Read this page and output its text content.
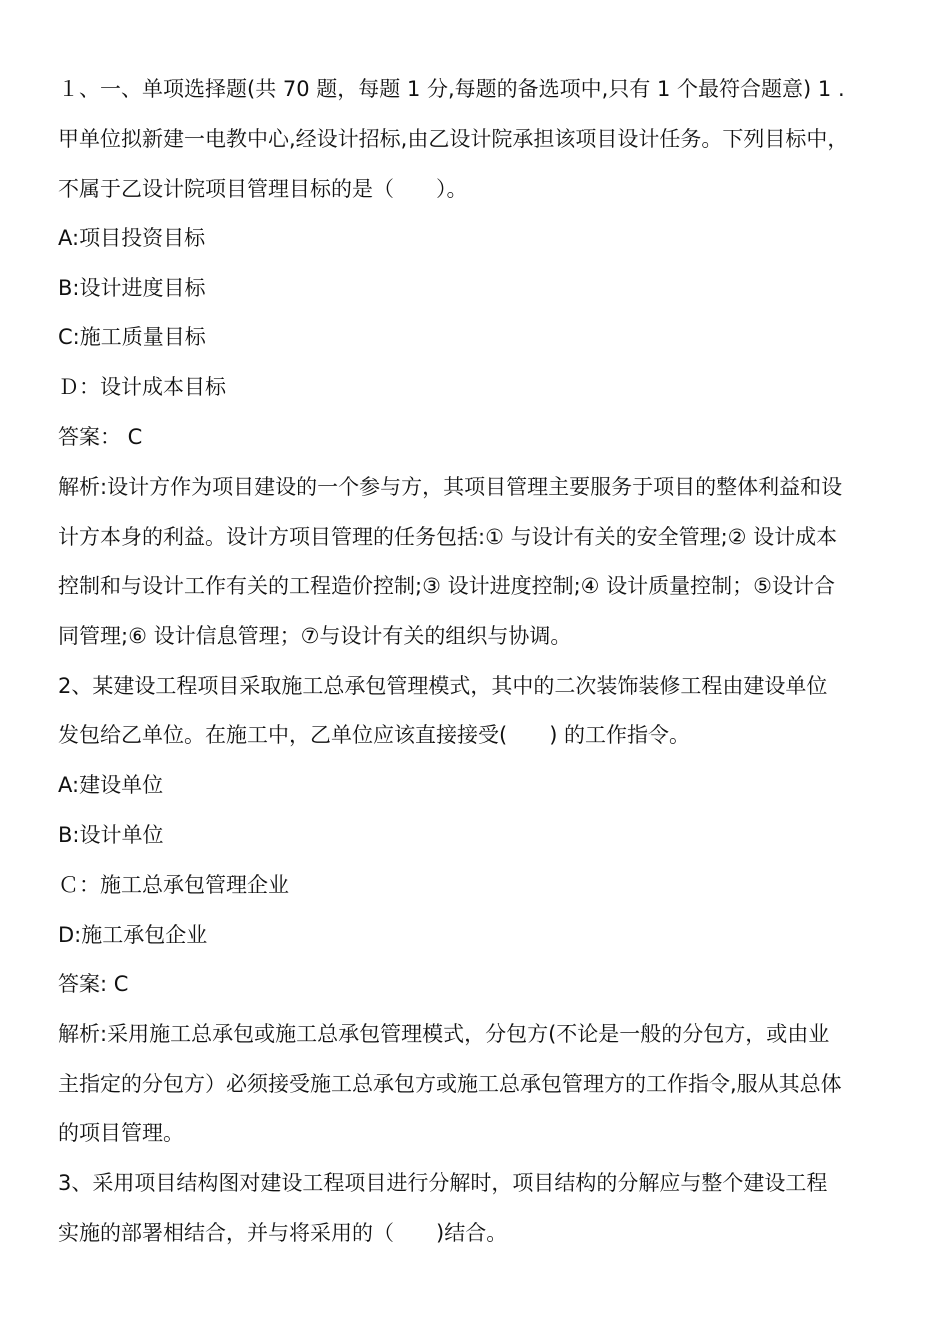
１、一、单项选择题(共 70 题，每题 1 分,每题的备选项中,只有 1 个最符合题意) 1 .
甲单位拟新建一电教中心,经设计招标,由乙设计院承担该项目设计任务。下列目标中，
不属于乙设计院项目管理目标的是（　　）。
A:项目投资目标
B:设计进度目标
C:施工质量目标
Ｄ：设计成本目标
答案： C
解析:设计方作为项目建设的一个参与方，其项目管理主要服务于项目的整体利益和设
计方本身的利益。设计方项目管理的任务包括:① 与设计有关的安全管理;② 设计成本
控制和与设计工作有关的工程造价控制;③ 设计进度控制;④ 设计质量控制；⑤设计合
同管理;⑥ 设计信息管理；⑦与设计有关的组织与协调。
2、某建设工程项目采取施工总承包管理模式，其中的二次装饰装修工程由建设单位
发包给乙单位。在施工中，乙单位应该直接接受(　　) 的工作指令。
A:建设单位
B:设计单位
Ｃ：施工总承包管理企业
D:施工承包企业
答案: C
解析:采用施工总承包或施工总承包管理模式，分包方(不论是一般的分包方，或由业
主指定的分包方）必须接受施工总承包方或施工总承包管理方的工作指令,服从其总体
的项目管理。
3、采用项目结构图对建设工程项目进行分解时，项目结构的分解应与整个建设工程
实施的部署相结合，并与将采用的（　　)结合。
